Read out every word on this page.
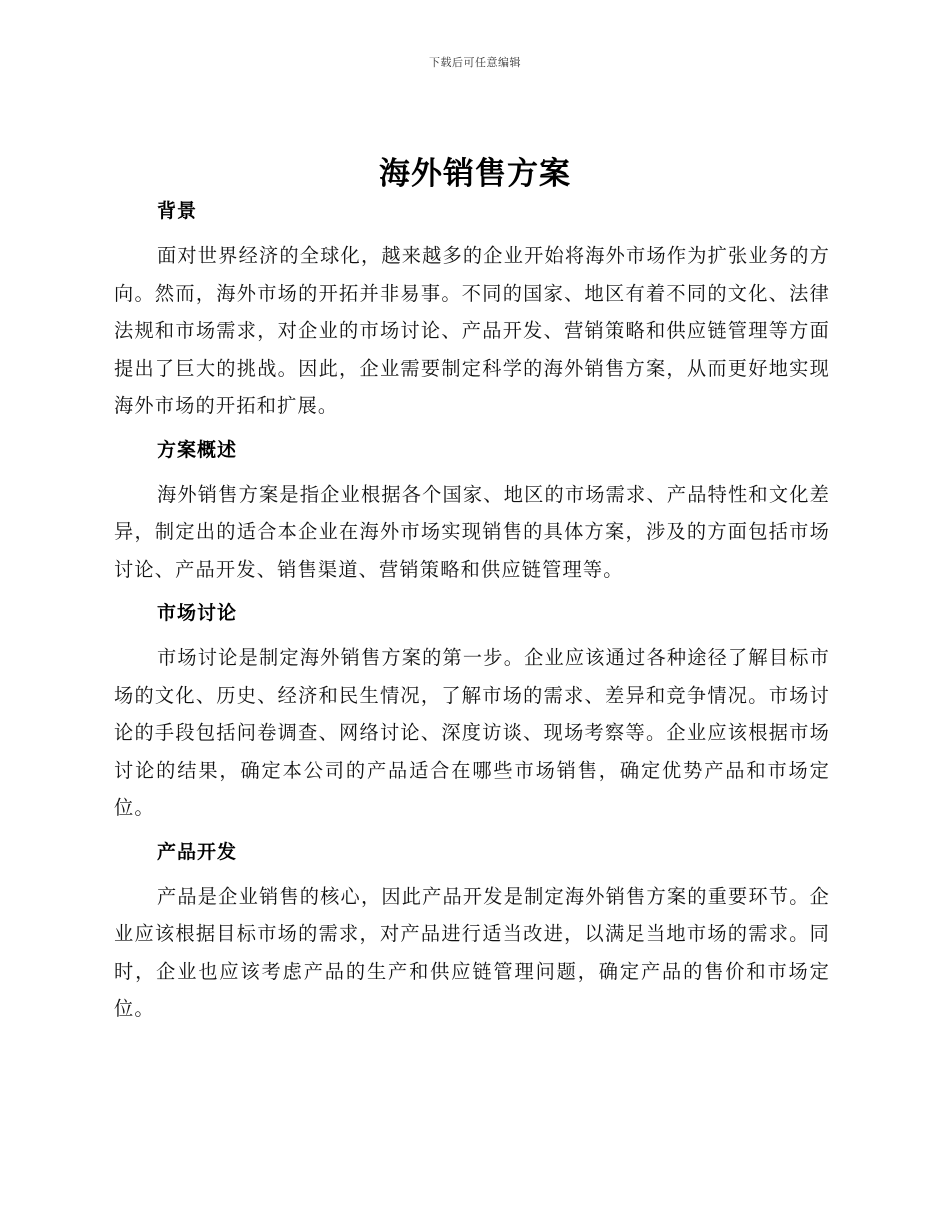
下载后可任意编辑
海外销售方案
背景

面对世界经济的全球化，越来越多的企业开始将海外市场作为扩张业务的方向。然而，海外市场的开拓并非易事。不同的国家、地区有着不同的文化、法律法规和市场需求，对企业的市场讨论、产品开发、营销策略和供应链管理等方面提出了巨大的挑战。因此，企业需要制定科学的海外销售方案，从而更好地实现海外市场的开拓和扩展。

方案概述

海外销售方案是指企业根据各个国家、地区的市场需求、产品特性和文化差异，制定出的适合本企业在海外市场实现销售的具体方案，涉及的方面包括市场讨论、产品开发、销售渠道、营销策略和供应链管理等。

市场讨论

市场讨论是制定海外销售方案的第一步。企业应该通过各种途径了解目标市场的文化、历史、经济和民生情况，了解市场的需求、差异和竞争情况。市场讨论的手段包括问卷调查、网络讨论、深度访谈、现场考察等。企业应该根据市场讨论的结果，确定本公司的产品适合在哪些市场销售，确定优势产品和市场定位。

产品开发

产品是企业销售的核心，因此产品开发是制定海外销售方案的重要环节。企业应该根据目标市场的需求，对产品进行适当改进，以满足当地市场的需求。同时，企业也应该考虑产品的生产和供应链管理问题，确定产品的售价和市场定位。
